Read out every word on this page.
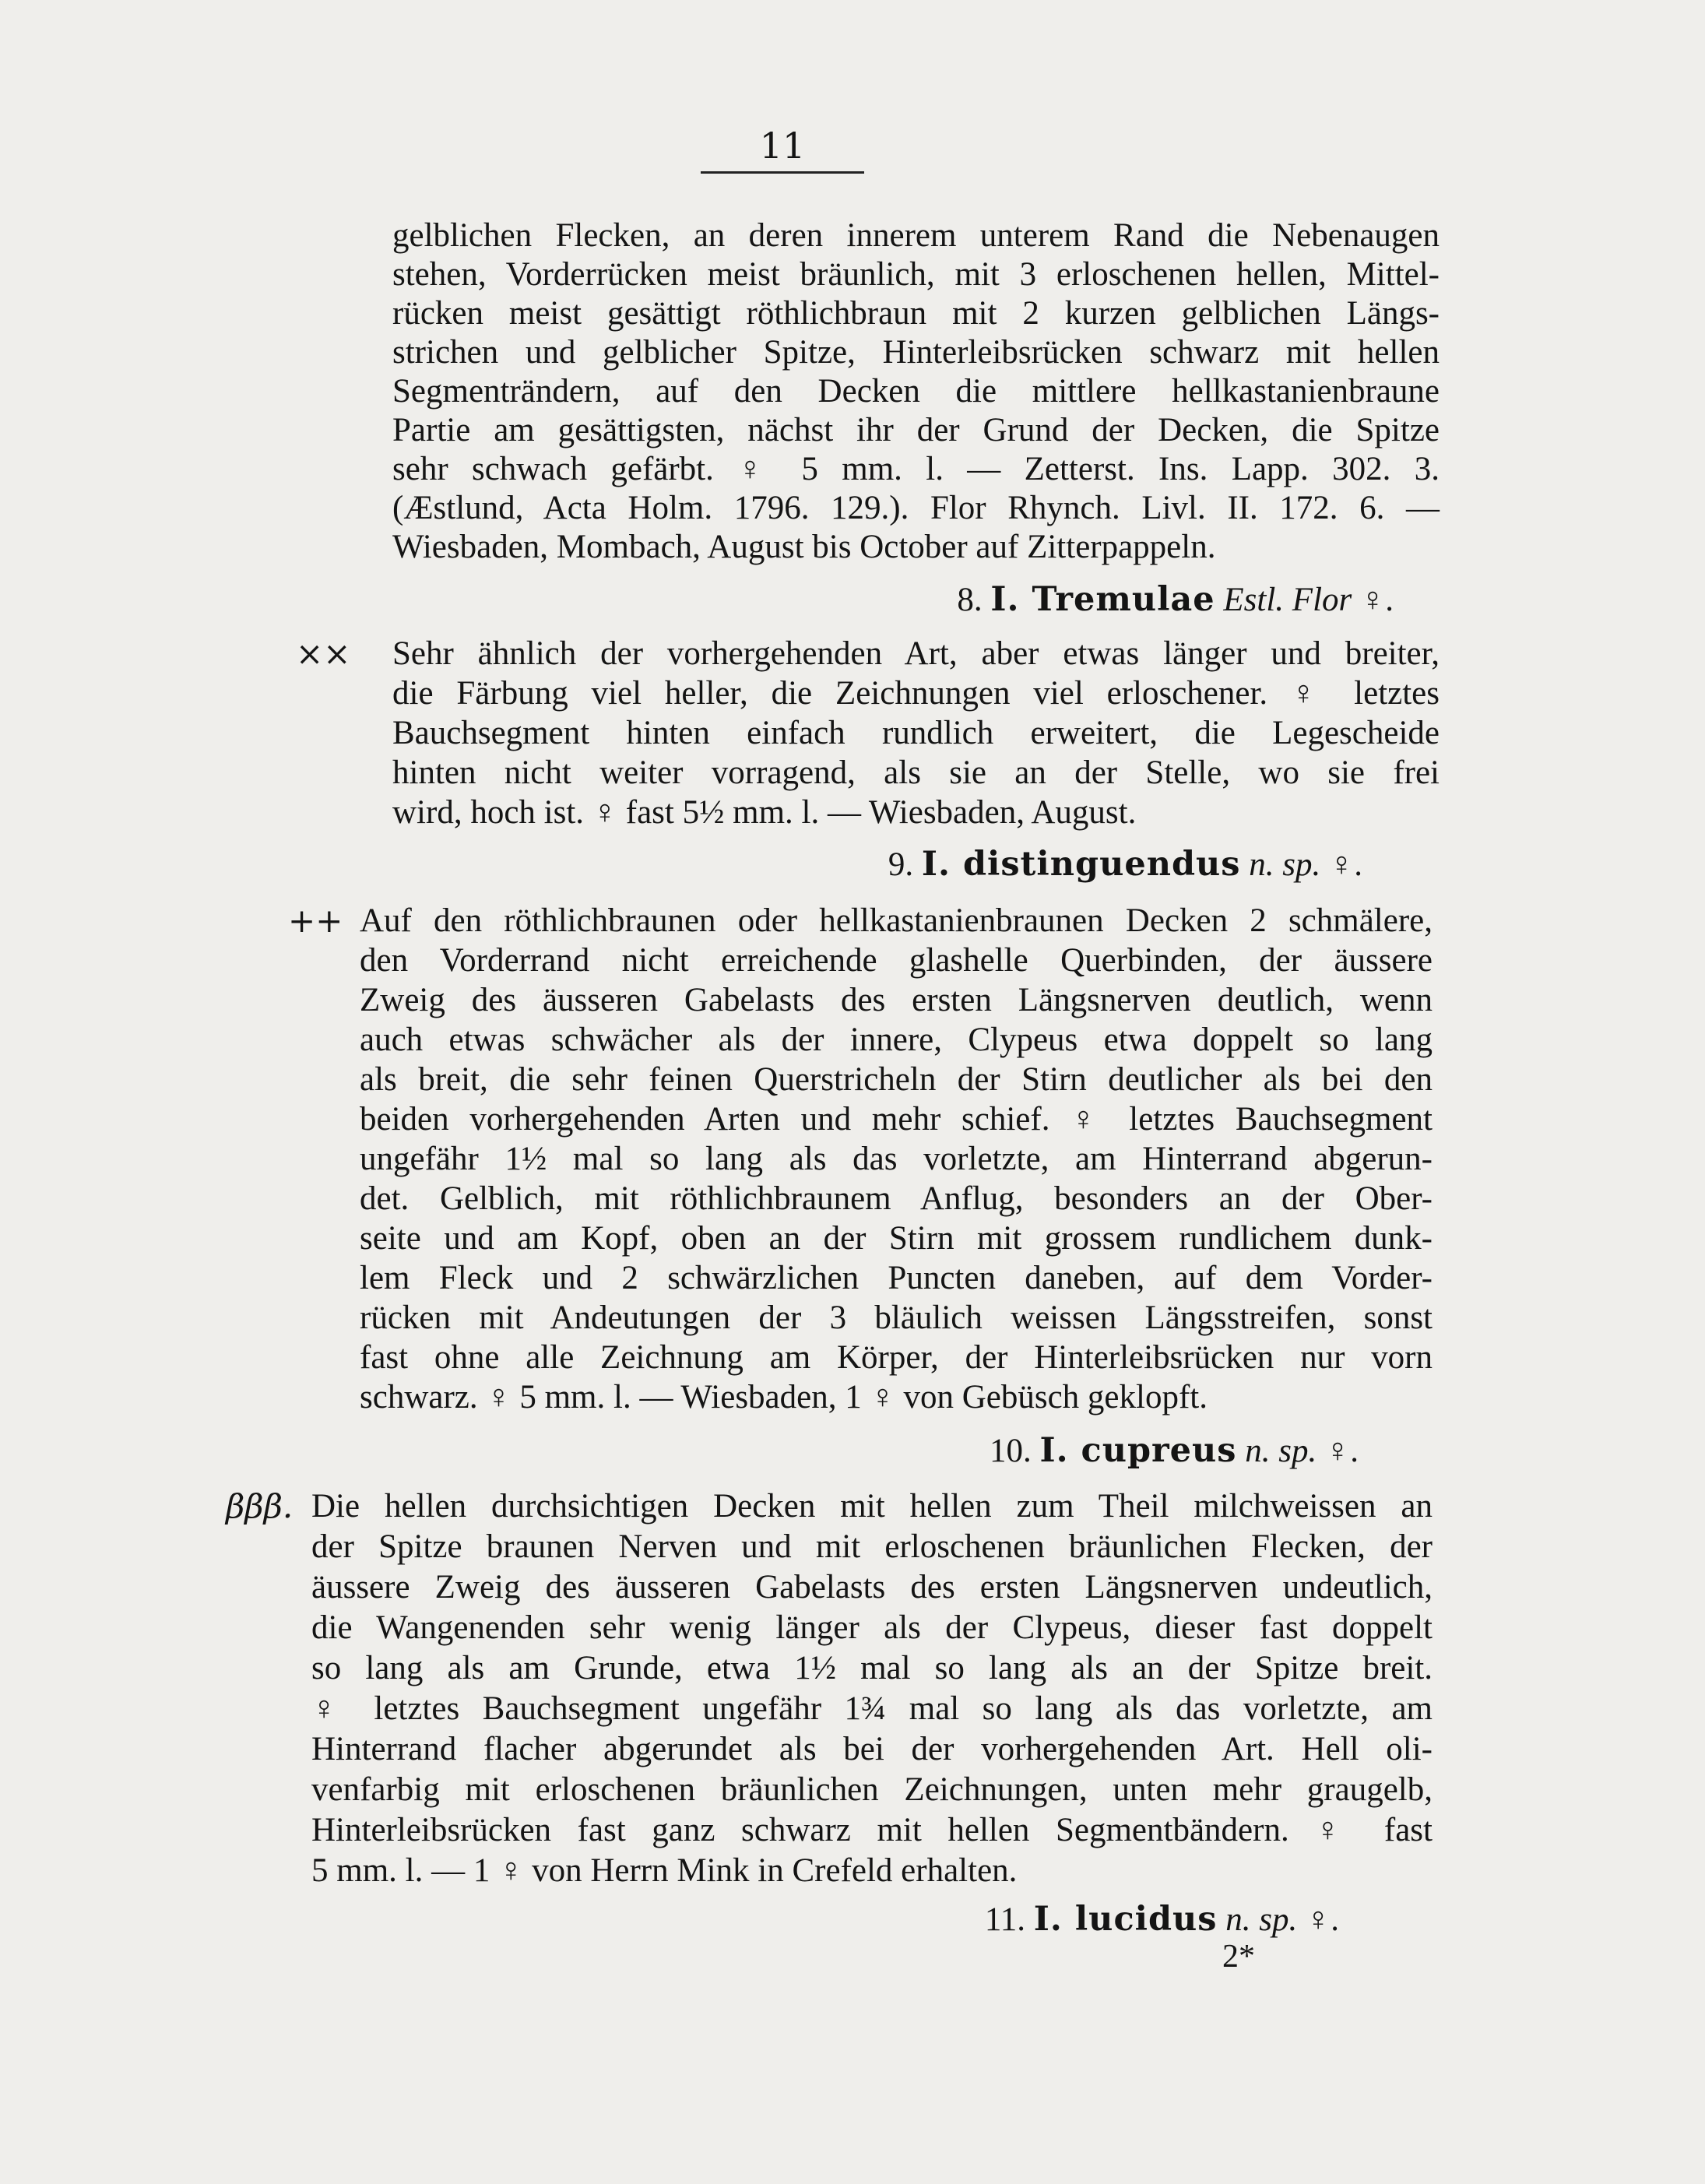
11
gelblichen Flecken, an deren innerem unterem Rand die Nebenaugen
stehen, Vorderrücken meist bräunlich, mit 3 erloschenen hellen, Mittel-
rücken meist gesättigt röthlichbraun mit 2 kurzen gelblichen Längs-
strichen und gelblicher Spitze, Hinterleibsrücken schwarz mit hellen
Segmenträndern, auf den Decken die mittlere hellkastanienbraune
Partie am gesättigsten, nächst ihr der Grund der Decken, die Spitze
sehr schwach gefärbt. ♀ 5 mm. l. — Zetterst. Ins. Lapp. 302. 3.
(Æstlund, Acta Holm. 1796. 129.). Flor Rhynch. Livl. II. 172. 6. —
Wiesbaden, Mombach, August bis October auf Zitterpappeln.
8. I. Tremulae Estl. Flor ♀.
×× Sehr ähnlich der vorhergehenden Art, aber etwas länger und breiter,
die Färbung viel heller, die Zeichnungen viel erloschener. ♀ letztes
Bauchsegment hinten einfach rundlich erweitert, die Legescheide
hinten nicht weiter vorragend, als sie an der Stelle, wo sie frei
wird, hoch ist. ♀ fast 5½ mm. l. — Wiesbaden, August.
9. I. distinguendus n. sp. ♀.
++ Auf den röthlichbraunen oder hellkastanienbraunen Decken 2 schmälere,
den Vorderrand nicht erreichende glashelle Querbinden, der äussere
Zweig des äusseren Gabelasts des ersten Längsnerven deutlich, wenn
auch etwas schwächer als der innere, Clypeus etwa doppelt so lang
als breit, die sehr feinen Querstricheln der Stirn deutlicher als bei den
beiden vorhergehenden Arten und mehr schief. ♀ letztes Bauchsegment
ungefähr 1½ mal so lang als das vorletzte, am Hinterrand abgerun-
det. Gelblich, mit röthlichbraunem Anflug, besonders an der Ober-
seite und am Kopf, oben an der Stirn mit grossem rundlichem dunk-
lem Fleck und 2 schwärzlichen Puncten daneben, auf dem Vorder-
rücken mit Andeutungen der 3 bläulich weissen Längsstreifen, sonst
fast ohne alle Zeichnung am Körper, der Hinterleibsrücken nur vorn
schwarz. ♀ 5 mm. l. — Wiesbaden, 1 ♀ von Gebüsch geklopft.
10. I. cupreus n. sp. ♀.
βββ. Die hellen durchsichtigen Decken mit hellen zum Theil milchweissen an
der Spitze braunen Nerven und mit erloschenen bräunlichen Flecken, der
äussere Zweig des äusseren Gabelasts des ersten Längsnerven undeutlich,
die Wangenenden sehr wenig länger als der Clypeus, dieser fast doppelt
so lang als am Grunde, etwa 1½ mal so lang als an der Spitze breit.
♀ letztes Bauchsegment ungefähr 1¾ mal so lang als das vorletzte, am
Hinterrand flacher abgerundet als bei der vorhergehenden Art. Hell oli-
venfarbig mit erloschenen bräunlichen Zeichnungen, unten mehr graugelb,
Hinterleibsrücken fast ganz schwarz mit hellen Segmentbändern. ♀ fast
5 mm. l. — 1 ♀ von Herrn Mink in Crefeld erhalten.
11. I. lucidus n. sp. ♀.
2*
